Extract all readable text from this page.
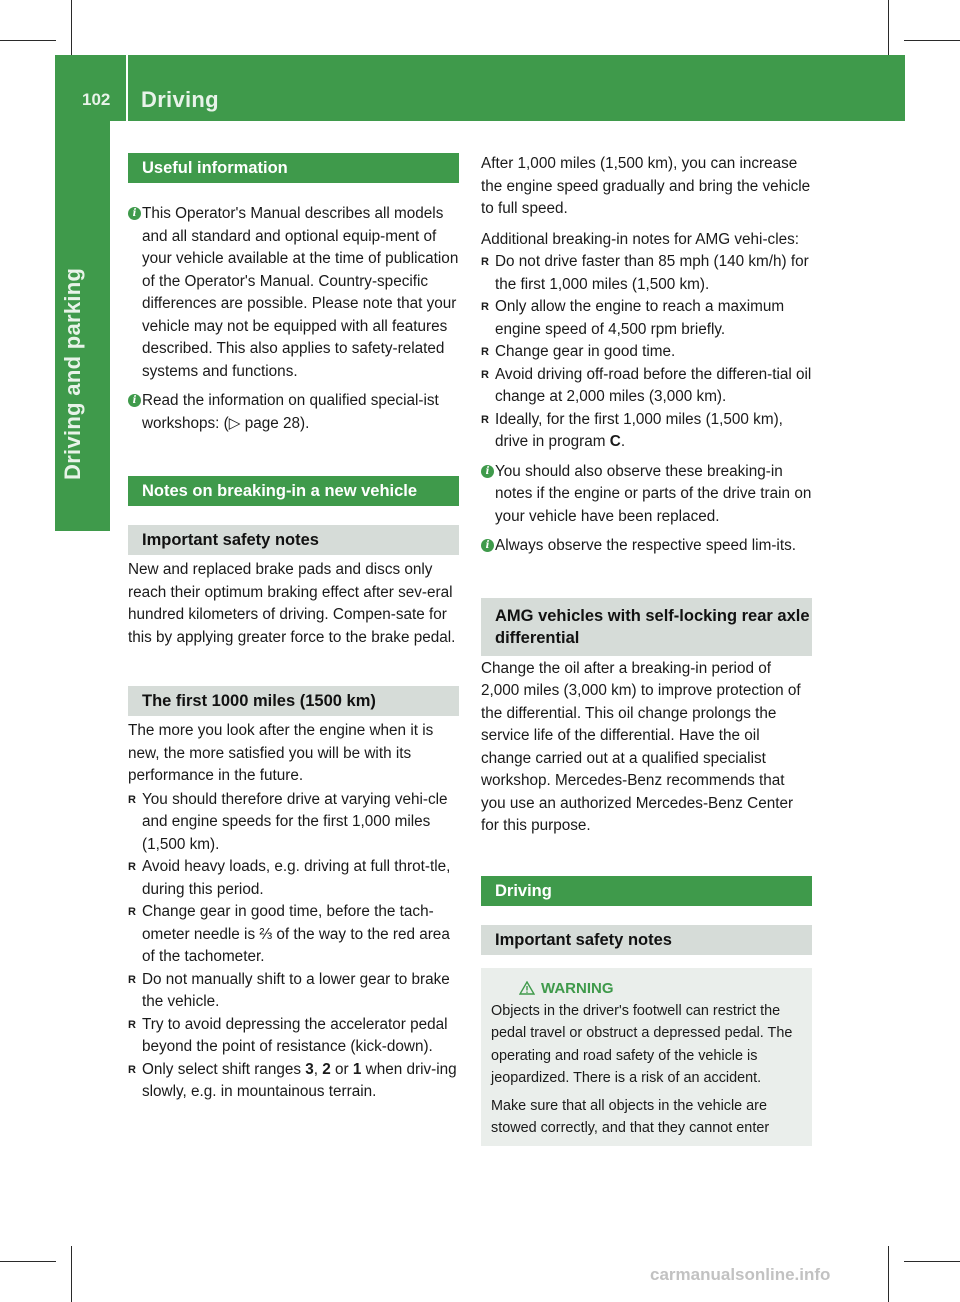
102	Driving
Driving and parking
Useful information

i This Operator's Manual describes all models and all standard and optional equip-ment of your vehicle available at the time of publication of the Operator's Manual. Country-specific differences are possible. Please note that your vehicle may not be equipped with all features described. This also applies to safety-related systems and functions.

i Read the information on qualified special-ist workshops: (▷ page 28).

Notes on breaking-in a new vehicle
Important safety notes

New and replaced brake pads and discs only reach their optimum braking effect after sev-eral hundred kilometers of driving. Compen-sate for this by applying greater force to the brake pedal.

The first 1000 miles (1500 km)

The more you look after the engine when it is new, the more satisfied you will be with its performance in the future.

R You should therefore drive at varying vehi-cle and engine speeds for the first 1,000 miles (1,500 km).
R Avoid heavy loads, e.g. driving at full throt-tle, during this period.
R Change gear in good time, before the tach-ometer needle is ⅔ of the way to the red area of the tachometer.
R Do not manually shift to a lower gear to brake the vehicle.
R Try to avoid depressing the accelerator pedal beyond the point of resistance (kick-down).
R Only select shift ranges 3, 2 or 1 when driv-ing slowly, e.g. in mountainous terrain.

After 1,000 miles (1,500 km), you can increase the engine speed gradually and bring the vehicle to full speed.

Additional breaking-in notes for AMG vehi-cles:

R Do not drive faster than 85 mph (140 km/h) for the first 1,000 miles (1,500 km).
R Only allow the engine to reach a maximum engine speed of 4,500 rpm briefly.
R Change gear in good time.
R Avoid driving off-road before the differen-tial oil change at 2,000 miles (3,000 km).
R Ideally, for the first 1,000 miles (1,500 km), drive in program C.

i You should also observe these breaking-in notes if the engine or parts of the drive train on your vehicle have been replaced.

i Always observe the respective speed lim-its.

AMG vehicles with self-locking rear axle differential

Change the oil after a breaking-in period of 2,000 miles (3,000 km) to improve protection of the differential. This oil change prolongs the service life of the differential. Have the oil change carried out at a qualified specialist workshop. Mercedes-Benz recommends that you use an authorized Mercedes-Benz Center for this purpose.

Driving
Important safety notes
WARNING

Objects in the driver's footwell can restrict the pedal travel or obstruct a depressed pedal. The operating and road safety of the vehicle is jeopardized. There is a risk of an accident.

Make sure that all objects in the vehicle are stowed correctly, and that they cannot enter

carmanualsonline.info
